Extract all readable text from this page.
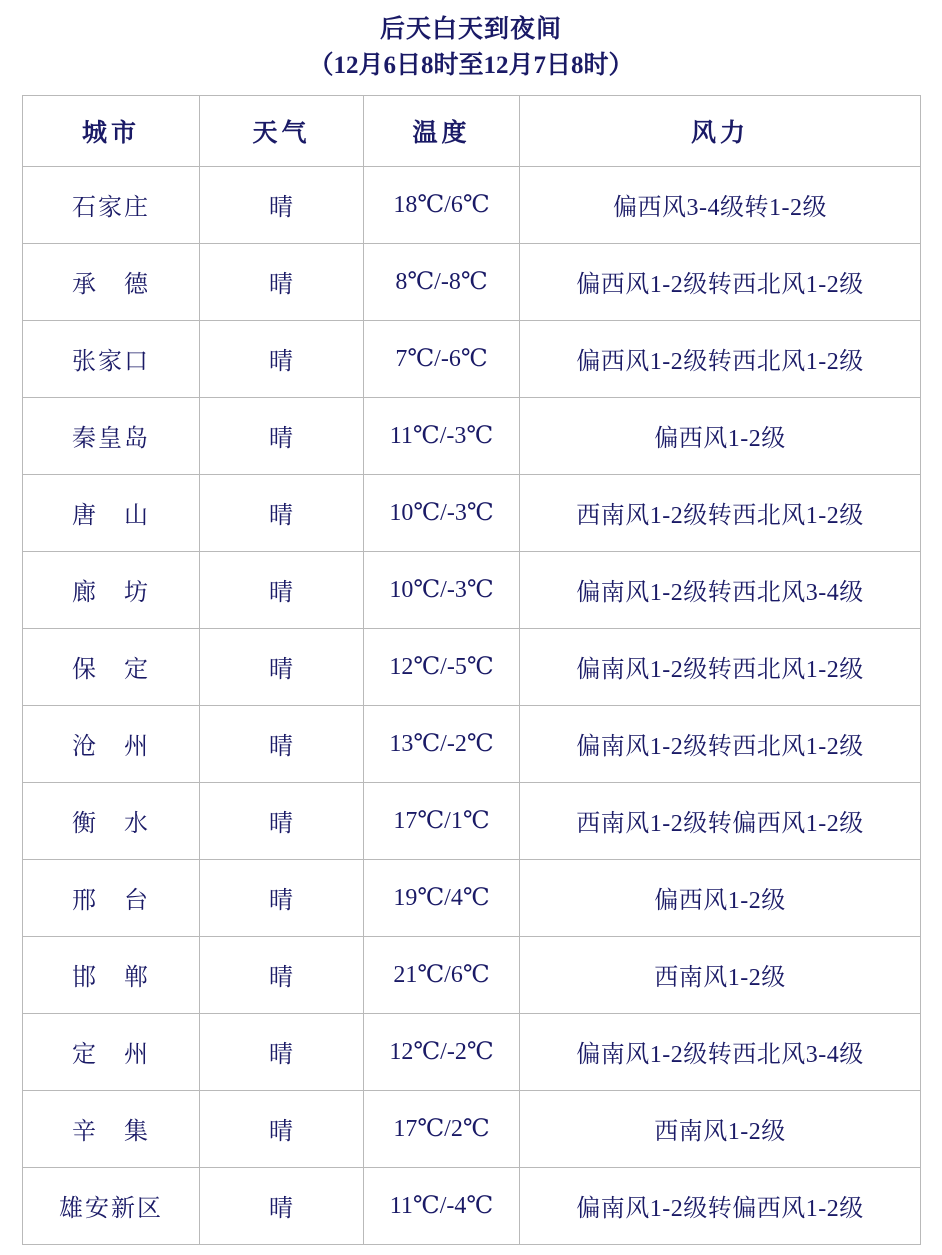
后天白天到夜间
（12月6日8时至12月7日8时）
城市	天气	温度	风力
石家庄	晴	18℃/6℃	偏西风3-4级转1-2级
承　德	晴	8℃/-8℃	偏西风1-2级转西北风1-2级
张家口	晴	7℃/-6℃	偏西风1-2级转西北风1-2级
秦皇岛	晴	11℃/-3℃	偏西风1-2级
唐　山	晴	10℃/-3℃	西南风1-2级转西北风1-2级
廊　坊	晴	10℃/-3℃	偏南风1-2级转西北风3-4级
保　定	晴	12℃/-5℃	偏南风1-2级转西北风1-2级
沧　州	晴	13℃/-2℃	偏南风1-2级转西北风1-2级
衡　水	晴	17℃/1℃	西南风1-2级转偏西风1-2级
邢　台	晴	19℃/4℃	偏西风1-2级
邯　郸	晴	21℃/6℃	西南风1-2级
定　州	晴	12℃/-2℃	偏南风1-2级转西北风3-4级
辛　集	晴	17℃/2℃	西南风1-2级
雄安新区	晴	11℃/-4℃	偏南风1-2级转偏西风1-2级
